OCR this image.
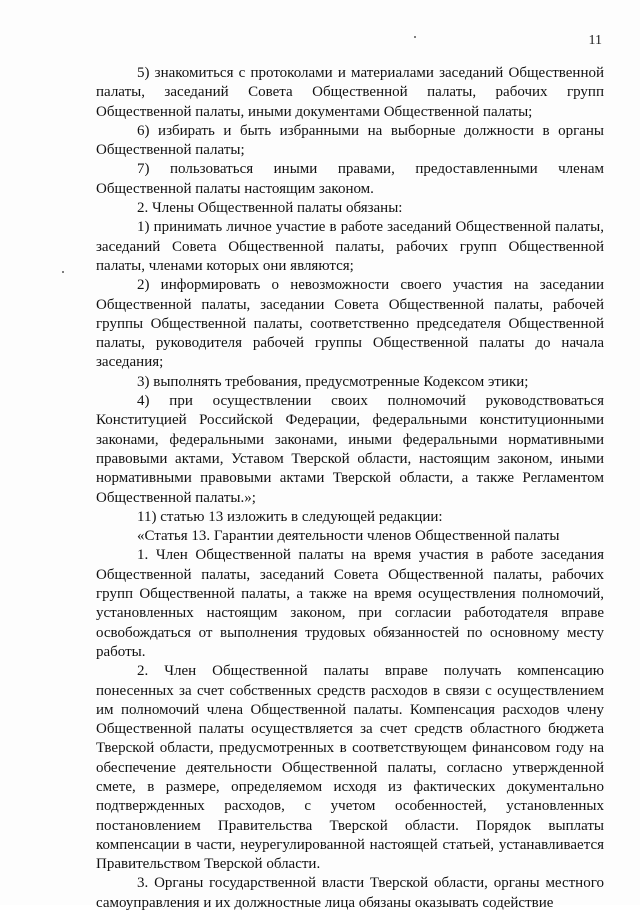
11

5) знакомиться с протоколами и материалами заседаний Общественной палаты, заседаний Совета Общественной палаты, рабочих групп Общественной палаты, иными документами Общественной палаты;

6) избирать и быть избранными на выборные должности в органы Общественной палаты;

7) пользоваться иными правами, предоставленными членам Общественной палаты настоящим законом.

2. Члены Общественной палаты обязаны:

1) принимать личное участие в работе заседаний Общественной палаты, заседаний Совета Общественной палаты, рабочих групп Общественной палаты, членами которых они являются;

2) информировать о невозможности своего участия на заседании Общественной палаты, заседании Совета Общественной палаты, рабочей группы Общественной палаты, соответственно председателя Общественной палаты, руководителя рабочей группы Общественной палаты до начала заседания;

3) выполнять требования, предусмотренные Кодексом этики;

4) при осуществлении своих полномочий руководствоваться Конституцией Российской Федерации, федеральными конституционными законами, федеральными законами, иными федеральными нормативными правовыми актами, Уставом Тверской области, настоящим законом, иными нормативными правовыми актами Тверской области, а также Регламентом Общественной палаты.»;

11) статью 13 изложить в следующей редакции:

«Статья 13. Гарантии деятельности членов Общественной палаты

1. Член Общественной палаты на время участия в работе заседания Общественной палаты, заседаний Совета Общественной палаты, рабочих групп Общественной палаты, а также на время осуществления полномочий, установленных настоящим законом, при согласии работодателя вправе освобождаться от выполнения трудовых обязанностей по основному месту работы.

2. Член Общественной палаты вправе получать компенсацию понесенных за счет собственных средств расходов в связи с осуществлением им полномочий члена Общественной палаты. Компенсация расходов члену Общественной палаты осуществляется за счет средств областного бюджета Тверской области, предусмотренных в соответствующем финансовом году на обеспечение деятельности Общественной палаты, согласно утвержденной смете, в размере, определяемом исходя из фактических документально подтвержденных расходов, с учетом особенностей, установленных постановлением Правительства Тверской области. Порядок выплаты компенсации в части, неурегулированной настоящей статьей, устанавливается Правительством Тверской области.

3. Органы государственной власти Тверской области, органы местного самоуправления и их должностные лица обязаны оказывать содействие
